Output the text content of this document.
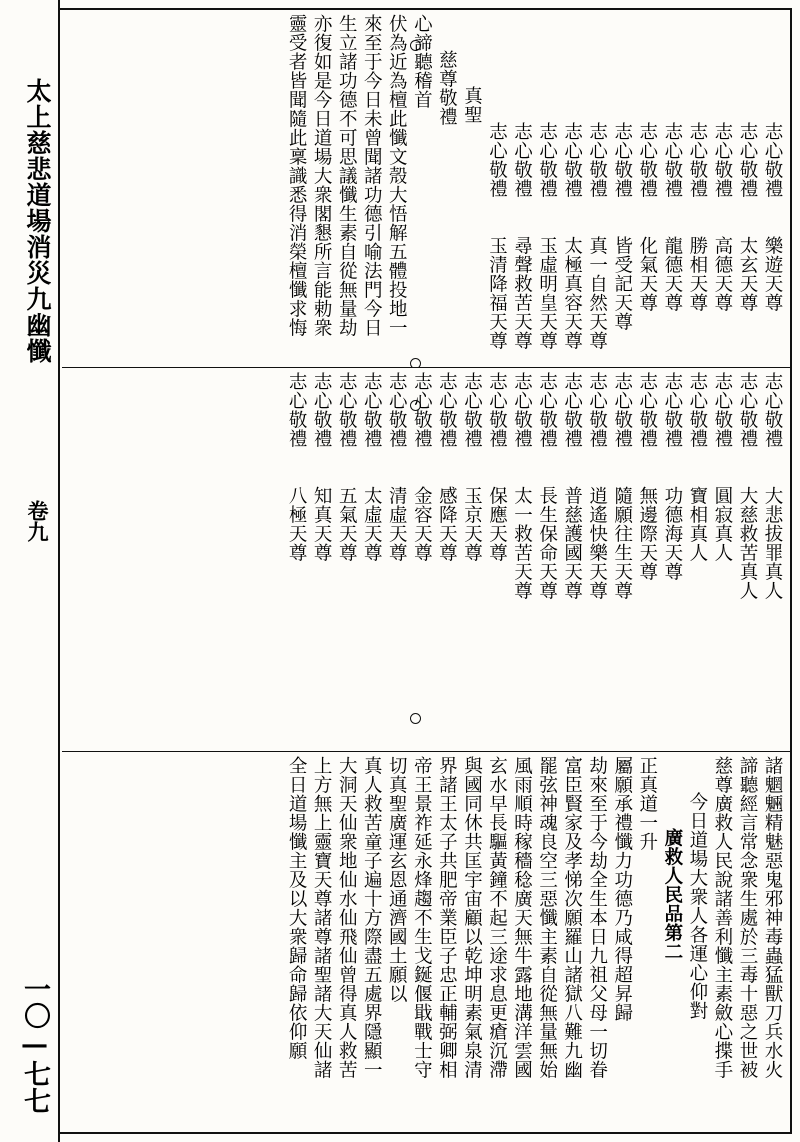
太上慈悲道場消災九幽懺
卷九
一〇—七七
靈受者皆聞隨此稟識悉得消榮檀懺求悔 亦復如是今日道場大衆閣懇所言能勅衆 生立諸功德不可思議懺生素自從無量劫 來至于今日未曾聞諸功德引喻法門今日 伏為近為檀此懺文殼大悟解五體投地一 心諦聽稽首 慈尊敬禮 真聖
志心敬禮　　玉清降福天尊 志心敬禮　　尋聲救苦天尊 志心敬禮　　玉虛明皇天尊 志心敬禮　　太極真容天尊 志心敬禮　　真一自然天尊 志心敬禮　　皆受記天尊 志心敬禮　　化氣天尊 志心敬禮　　龍德天尊 志心敬禮　　勝相天尊 志心敬禮　　高德天尊 志心敬禮　　太玄天尊 志心敬禮　　樂遊天尊
志心敬禮　　八極天尊 志心敬禮　　知真天尊 志心敬禮　　五氣天尊 志心敬禮　　太虛天尊 志心敬禮　　清虛天尊 志心敬禮　　金容天尊 志心敬禮　　感降天尊 志心敬禮　　玉京天尊 志心敬禮　　保應天尊 志心敬禮　　太一救苦天尊 志心敬禮　　長生保命天尊 志心敬禮　　普慈護國天尊 志心敬禮　　逍遙快樂天尊 志心敬禮　　隨願往生天尊 志心敬禮　　無邊際天尊 志心敬禮　　功德海天尊 志心敬禮　　寶相真人 志心敬禮　　圓寂真人 志心敬禮　　大慈救苦真人 志心敬禮　　大悲拔罪真人
全日道場懺主及以大衆歸命歸依仰願 上方無上靈寶天尊諸尊諸聖諸大天仙諸 大洞天仙衆地仙水仙飛仙曾得真人救苦 真人救苦童子遍十方際盡五處界隱顯一 切真聖廣運玄恩通濟國土願以 帝王景祚延永烽趨不生戈鋋偃戢戰士守 界諸王太子共肥帝業臣子忠正輔弼卿相 與國同休共匡宇宙顧以乾坤明素氣泉清 玄水早長驅黃鐘不起三途求息更瘡沉滯 風雨順時稼穡稔廣天無牛露地溝洋雲國 罷弦神魂良空三惡懺主素自從無量無始 富臣賢家及孝悌次願羅山諸獄八難九幽 劫來至于今劫全生本日九祖父母一切眷 屬願承禮懺力功德乃咸得超昇歸 正真道一升
廣救人民品第二 今日道場大衆人各運心仰對 慈尊廣救人民說諸善利懺主素斂心揲手 諦聽經言常念衆生處於三毒十惡之世被 諸魍魎精魅惡鬼邪神毒蟲猛獸刀兵水火
